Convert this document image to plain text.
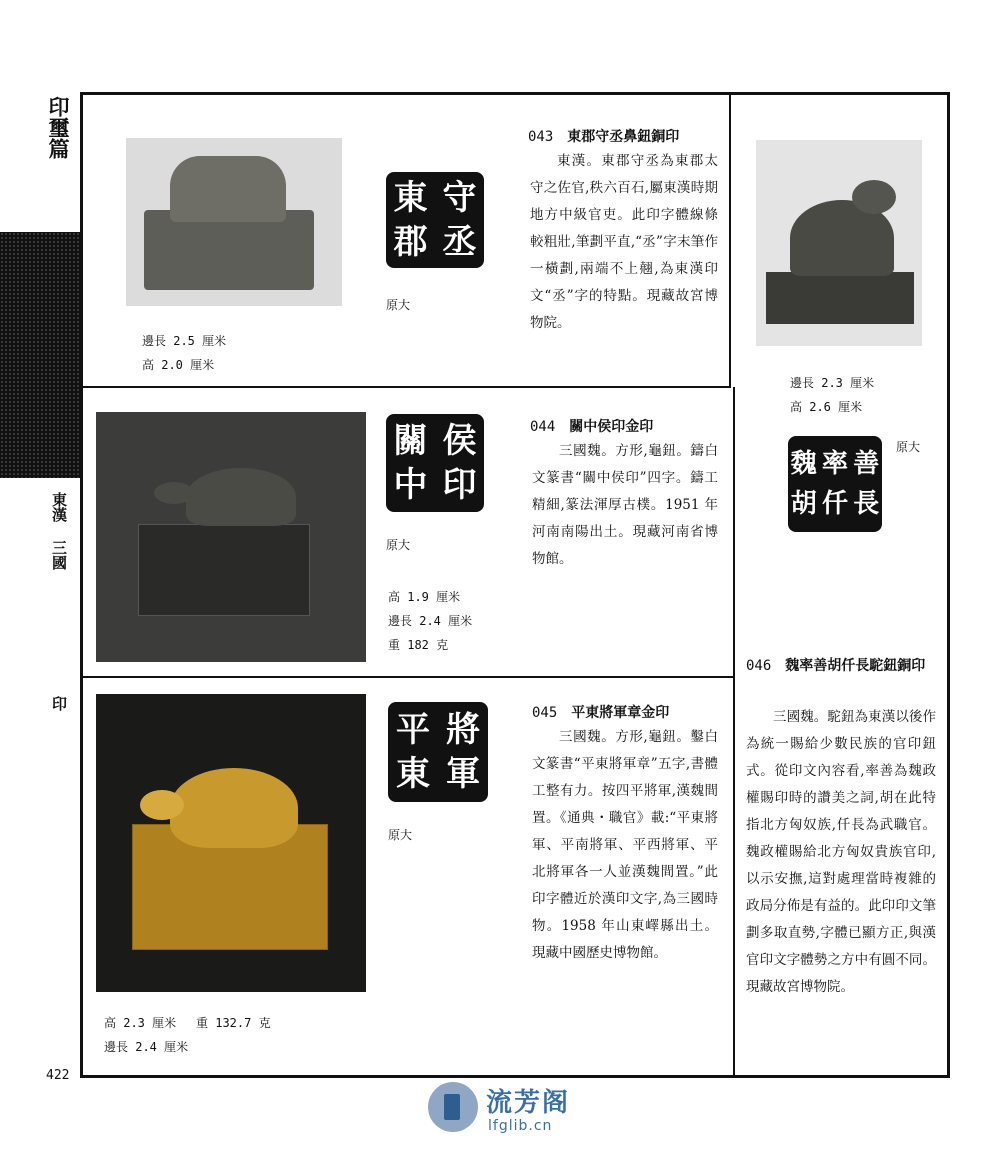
印璽篇
東漢
三國
印
422
東 守
郡 丞
原大
邊長 2.5 厘米
高 2.0 厘米
043 東郡守丞鼻鈕銅印
東漢。東郡守丞為東郡太守之佐官,秩六百石,屬東漢時期地方中級官吏。此印字體線條較粗壯,筆劃平直,“丞”字末筆作一橫劃,兩端不上翹,為東漢印文“丞”字的特點。現藏故宮博物院。
關 侯
中 印
原大
高 1.9 厘米
邊長 2.4 厘米
重 182 克
044 關中侯印金印
三國魏。方形,龜鈕。鑄白文篆書“關中侯印”四字。鑄工精細,篆法渾厚古樸。1951 年河南南陽出土。現藏河南省博物館。
平 將
東 軍
原大
高 2.3 厘米 重 132.7 克
邊長 2.4 厘米
045 平東將軍章金印
三國魏。方形,龜鈕。鑿白文篆書“平東將軍章”五字,書體工整有力。按四平將軍,漢魏間置。《通典・職官》載:“平東將軍、平南將軍、平西將軍、平北將軍各一人並漢魏間置。”此印字體近於漢印文字,為三國時物。1958 年山東嶧縣出土。現藏中國歷史博物館。
邊長 2.3 厘米
高 2.6 厘米
魏 率 善
胡 仟 長
原大
046 魏率善胡仟長駝鈕銅印
三國魏。駝鈕為東漢以後作為統一賜給少數民族的官印鈕式。從印文內容看,率善為魏政權賜印時的讚美之詞,胡在此特指北方匈奴族,仟長為武職官。魏政權賜給北方匈奴貴族官印,以示安撫,這對處理當時複雜的政局分佈是有益的。此印印文筆劃多取直勢,字體已顯方正,與漢官印文字體勢之方中有圓不同。現藏故宮博物院。
流芳阁
lfglib.cn
